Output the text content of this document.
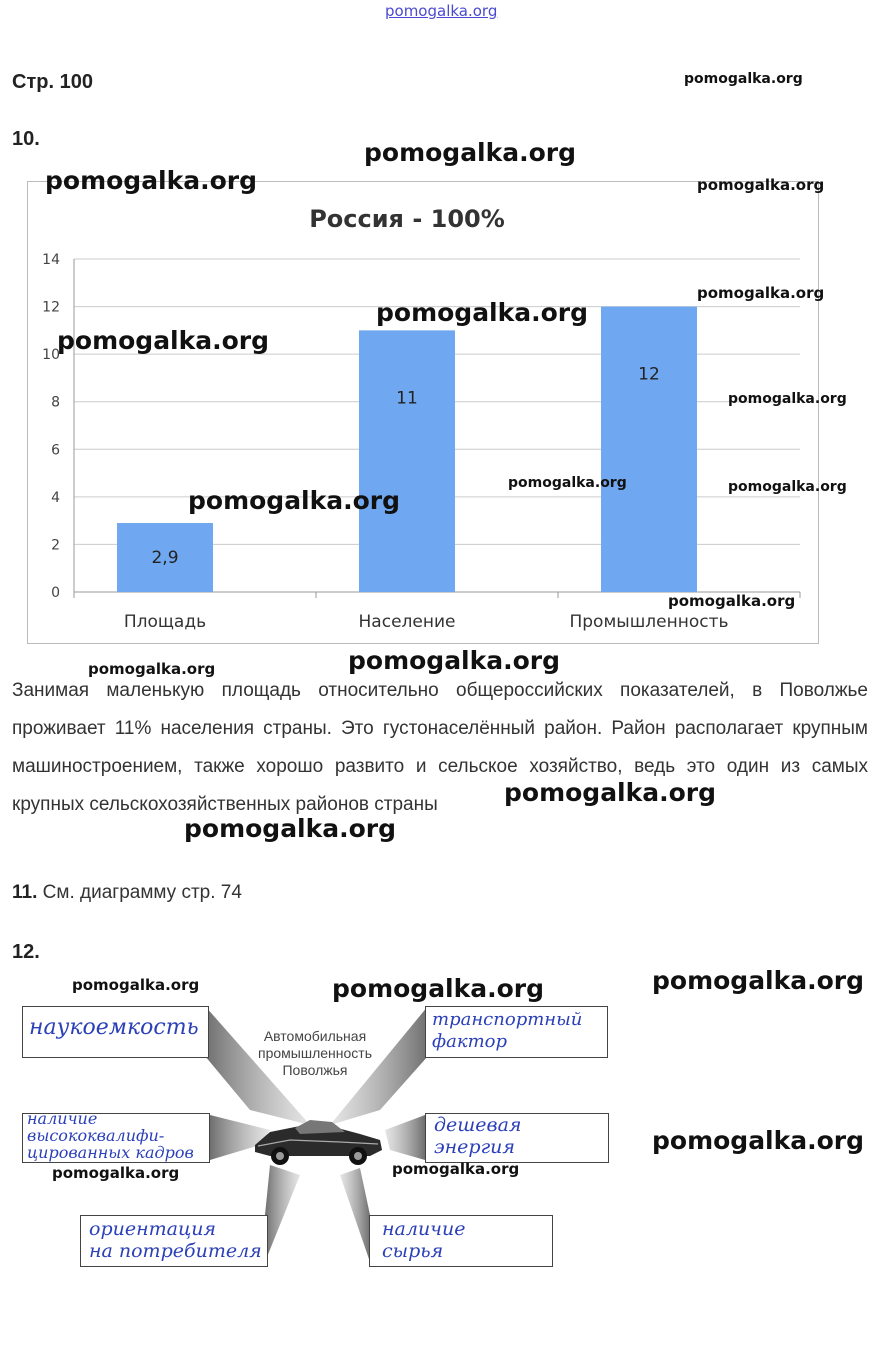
pomogalka.org
Стр. 100
10.
Россия - 100%
0
2
4
6
8
10
12
14
2,9
Площадь
11
Население
12
Промышленность
Занимая маленькую площадь относительно общероссийских показателей, в Поволжье проживает 11% населения страны. Это густонаселённый район. Район располагает крупным машиностроением, также хорошо развито и сельское хозяйство, ведь это один из самых крупных сельскохозяйственных районов страны
11. См. диаграмму стр. 74
12.
Автомобильная
промышленность
Поволжья
наукоемкость
наличие
высококвалифи-
цированных кадров
ориентация
на потребителя
транспортный
фактор
дешевая
энергия
наличие
сырья
pomogalka.org
pomogalka.org
pomogalka.org	pomogalka.org
pomogalka.org
pomogalka.org
pomogalka.org
pomogalka.org
pomogalka.org	pomogalka.org
pomogalka.org
pomogalka.org
pomogalka.org
pomogalka.org
pomogalka.org
pomogalka.org
pomogalka.org
pomogalka.org	pomogalka.org
pomogalka.org
pomogalka.org	pomogalka.org
